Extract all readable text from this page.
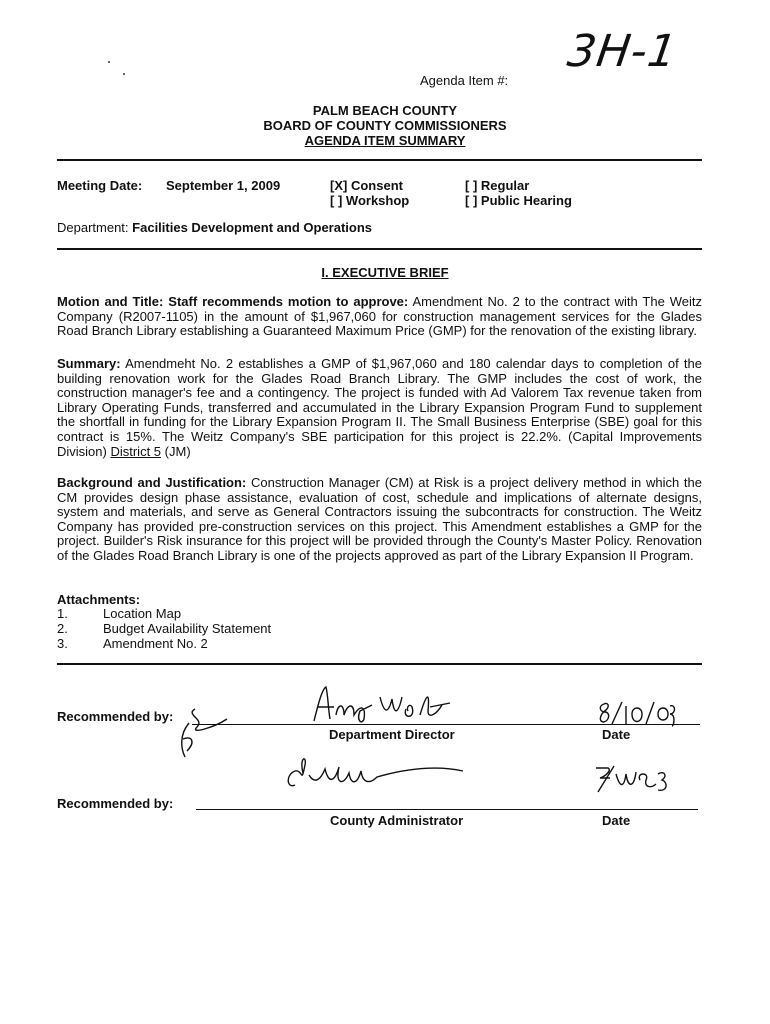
3H-1
Agenda Item #:
PALM BEACH COUNTY
BOARD OF COUNTY COMMISSIONERS
AGENDA ITEM SUMMARY
Meeting Date: September 1, 2009	[X] Consent
[ ] Workshop
[ ] Regular
[ ] Public Hearing
Department: Facilities Development and Operations
I. EXECUTIVE BRIEF
Motion and Title: Staff recommends motion to approve: Amendment No. 2 to the contract with The Weitz Company (R2007-1105) in the amount of $1,967,060 for construction management services for the Glades Road Branch Library establishing a Guaranteed Maximum Price (GMP) for the renovation of the existing library.
Summary: Amendmeht No. 2 establishes a GMP of $1,967,060 and 180 calendar days to completion of the building renovation work for the Glades Road Branch Library. The GMP includes the cost of work, the construction manager's fee and a contingency. The project is funded with Ad Valorem Tax revenue taken from Library Operating Funds, transferred and accumulated in the Library Expansion Program Fund to supplement the shortfall in funding for the Library Expansion Program II. The Small Business Enterprise (SBE) goal for this contract is 15%. The Weitz Company's SBE participation for this project is 22.2%. (Capital Improvements Division) District 5 (JM)
Background and Justification: Construction Manager (CM) at Risk is a project delivery method in which the CM provides design phase assistance, evaluation of cost, schedule and implications of alternate designs, system and materials, and serve as General Contractors issuing the subcontracts for construction. The Weitz Company has provided pre-construction services on this project. This Amendment establishes a GMP for the project. Builder's Risk insurance for this project will be provided through the County's Master Policy. Renovation of the Glades Road Branch Library is one of the projects approved as part of the Library Expansion II Program.
Attachments:
1.	Location Map
2.	Budget Availability Statement
3.	Amendment No. 2
Recommended by:
Department Director	Date
Recommended by:
County Administrator	Date
